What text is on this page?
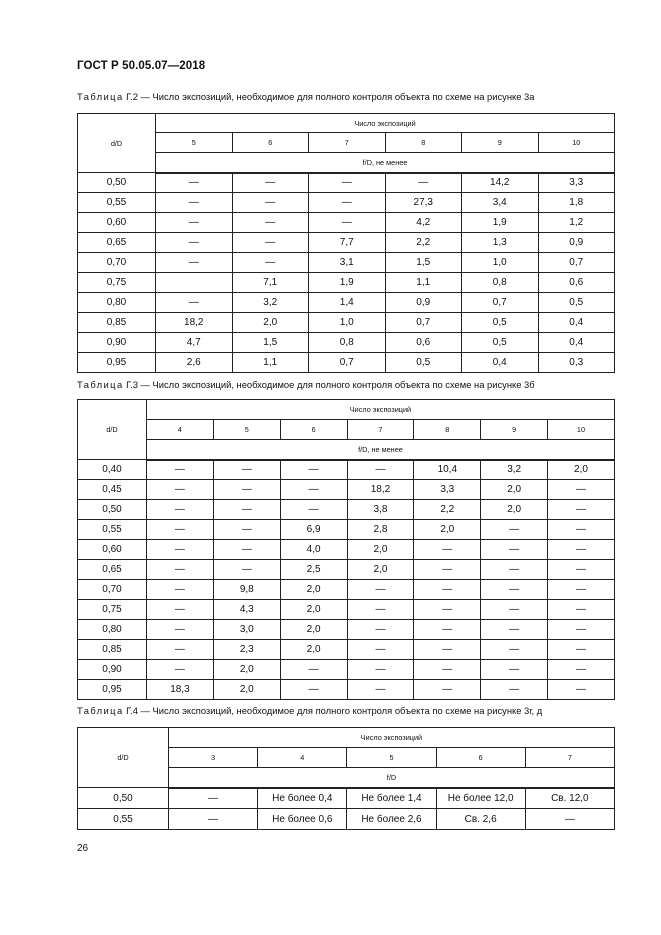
ГОСТ Р 50.05.07—2018
Таблица Г.2 — Число экспозиций, необходимое для полного контроля объекта по схеме на рисунке 3а
d/D	Число экспозиций					
	5	6	7	8	9	10
	f/D, не менее					
0,50	—	—	—	—	14,2	3,3
0,55	—	—	—	27,3	3,4	1,8
0,60	—	—	—	4,2	1,9	1,2
0,65	—	—	7,7	2,2	1,3	0,9
0,70	—	—	3,1	1,5	1,0	0,7
0,75		7,1	1,9	1,1	0,8	0,6
0,80	—	3,2	1,4	0,9	0,7	0,5
0,85	18,2	2,0	1,0	0,7	0,5	0,4
0,90	4,7	1,5	0,8	0,6	0,5	0,4
0,95	2,6	1,1	0,7	0,5	0,4	0,3
Таблица Г.3 — Число экспозиций, необходимое для полного контроля объекта по схеме на рисунке 3б
d/D	Число экспозиций						
	4	5	6	7	8	9	10
	f/D, не менее						
0,40	—	—	—	—	10,4	3,2	2,0
0,45	—	—	—	18,2	3,3	2,0	—
0,50	—	—	—	3,8	2,2	2,0	—
0,55	—	—	6,9	2,8	2,0	—	—
0,60	—	—	4,0	2,0	—	—	—
0,65	—	—	2,5	2,0	—	—	—
0,70	—	9,8	2,0	—	—	—	—
0,75	—	4,3	2,0	—	—	—	—
0,80	—	3,0	2,0	—	—	—	—
0,85	—	2,3	2,0	—	—	—	—
0,90	—	2,0	—	—	—	—	—
0,95	18,3	2,0	—	—	—	—	—
Таблица Г.4 — Число экспозиций, необходимое для полного контроля объекта по схеме на рисунке 3г, д
d/D	Число экспозиций				
	3	4	5	6	7
	f/D				
0,50	—	Не более 0,4	Не более 1,4	Не более 12,0	Св. 12,0
0,55	—	Не более 0,6	Не более 2,6	Св. 2,6	—
26
